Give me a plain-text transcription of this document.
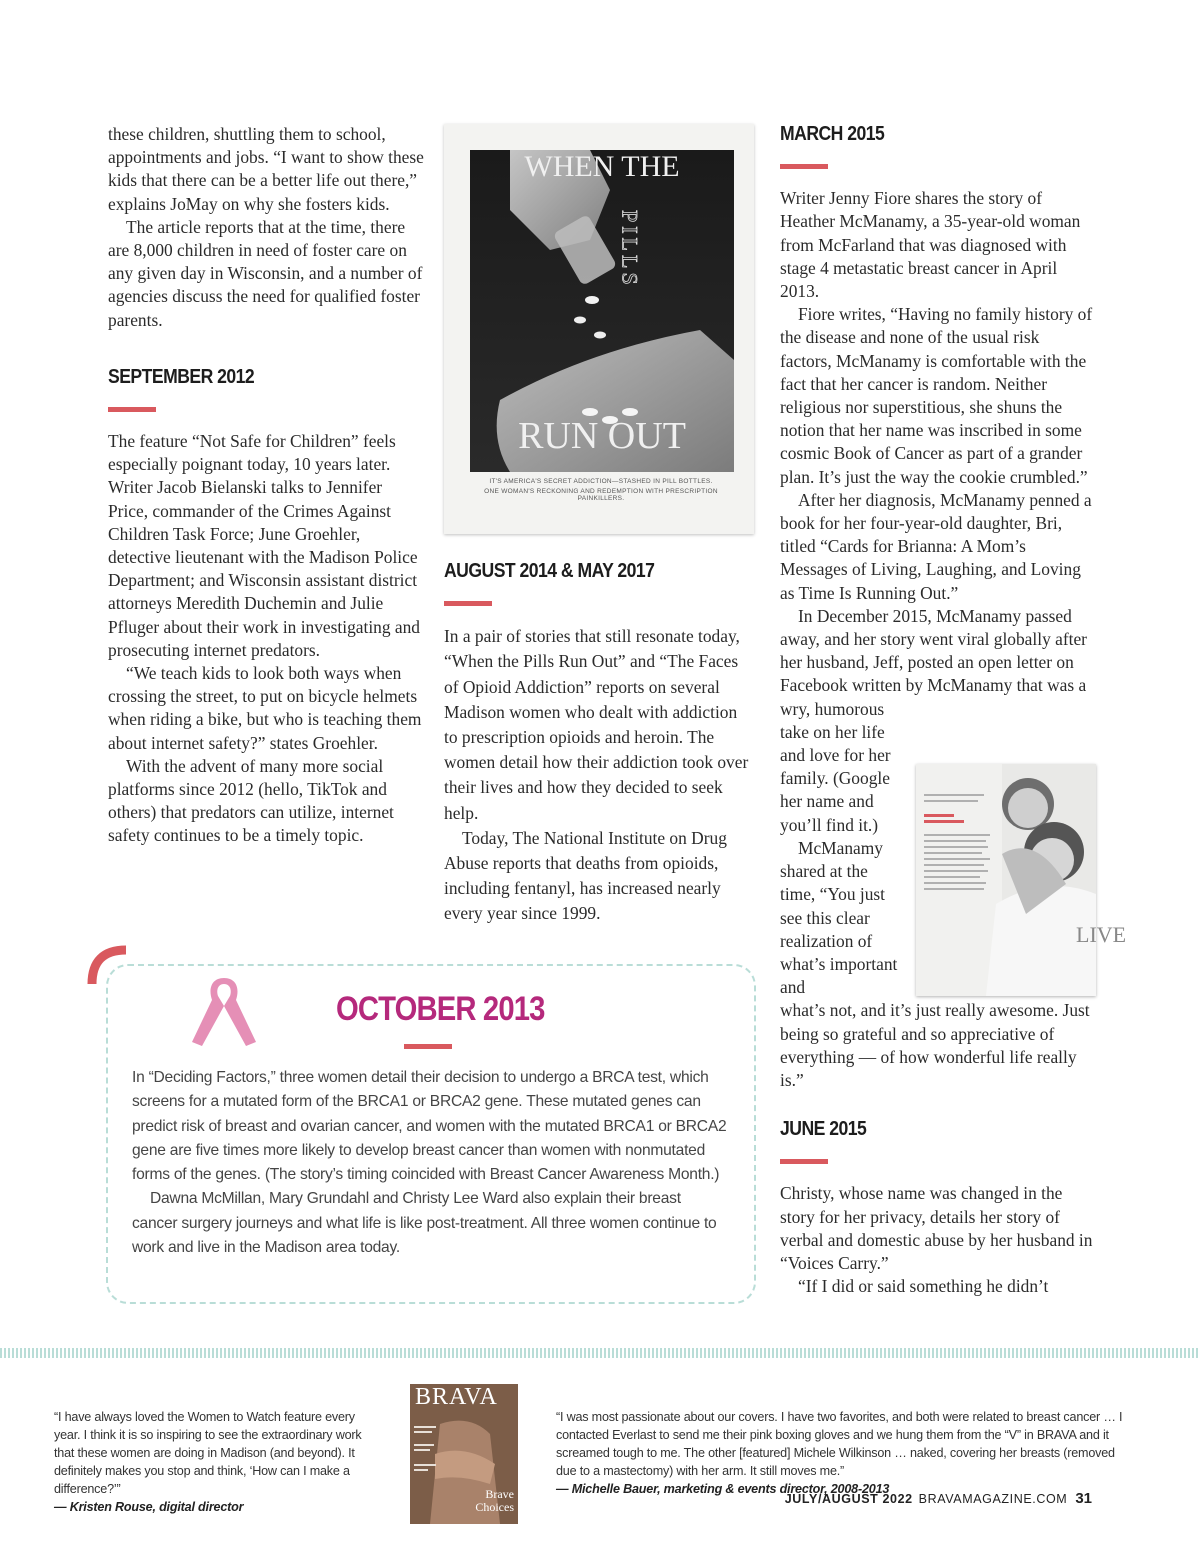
these children, shuttling them to school, appointments and jobs. “I want to show these kids that there can be a better life out there,” explains JoMay on why she fosters kids.

The article reports that at the time, there are 8,000 children in need of foster care on any given day in Wisconsin, and a number of agencies discuss the need for qualified foster parents.

SEPTEMBER 2012

The feature “Not Safe for Children” feels especially poignant today, 10 years later. Writer Jacob Bielanski talks to Jennifer Price, commander of the Crimes Against Children Task Force; June Groehler, detective lieutenant with the Madison Police Department; and Wisconsin assistant district attorneys Meredith Duchemin and Julie Pfluger about their work in investigating and prosecuting internet predators.

“We teach kids to look both ways when crossing the street, to put on bicycle helmets when riding a bike, but who is teaching them about internet safety?” states Groehler.

With the advent of many more social platforms since 2012 (hello, TikTok and others) that predators can utilize, internet safety continues to be a timely topic.

WHEN THE
RUN OUT
PILLS
IT'S AMERICA'S SECRET ADDICTION—STASHED IN PILL BOTTLES.
ONE WOMAN'S RECKONING AND REDEMPTION WITH PRESCRIPTION PAINKILLERS.
AUGUST 2014 & MAY 2017

In a pair of stories that still resonate today, “When the Pills Run Out” and “The Faces of Opioid Addiction” reports on several Madison women who dealt with addiction to prescription opioids and heroin. The women detail how their addiction took over their lives and how they decided to seek help.

Today, The National Institute on Drug Abuse reports that deaths from opioids, including fentanyl, has increased nearly every year since 1999.

MARCH 2015

Writer Jenny Fiore shares the story of Heather McManamy, a 35-year-old woman from McFarland that was diagnosed with stage 4 metastatic breast cancer in April 2013.

Fiore writes, “Having no family history of the disease and none of the usual risk factors, McManamy is comfortable with the fact that her cancer is random. Neither religious nor superstitious, she shuns the notion that her name was inscribed in some cosmic Book of Cancer as part of a grander plan. It’s just the way the cookie crumbled.”

After her diagnosis, McManamy penned a book for her four-year-old daughter, Bri, titled “Cards for Brianna: A Mom’s Messages of Living, Laughing, and Loving as Time Is Running Out.”

In December 2015, McManamy passed away, and her story went viral globally after her husband, Jeff, posted an open letter on Facebook written by McManamy that was a wry, humorous

take on her life and love for her family. (Google her name and you’ll find it.)

McManamy shared at the time, “You just see this clear realization of what’s important and

what’s not, and it’s just really awesome. Just being so grateful and so appreciative of everything — of how wonderful life really is.”

JUNE 2015

Christy, whose name was changed in the story for her privacy, details her story of verbal and domestic abuse by her husband in “Voices Carry.”

“If I did or said something he didn’t

LIVE
OCTOBER 2013

In “Deciding Factors,” three women detail their decision to undergo a BRCA test, which screens for a mutated form of the BRCA1 or BRCA2 gene. These mutated genes can predict risk of breast and ovarian cancer, and women with the mutated BRCA1 or BRCA2 gene are five times more likely to develop breast cancer than women with nonmutated forms of the genes. (The story’s timing coincided with Breast Cancer Awareness Month.)

Dawna McMillan, Mary Grundahl and Christy Lee Ward also explain their breast cancer surgery journeys and what life is like post-treatment. All three women continue to work and live in the Madison area today.

“I have always loved the Women to Watch feature every year. I think it is so inspiring to see the extraordinary work that these women are doing in Madison (and beyond). It definitely makes you stop and think, ‘How can I make a difference?’”
— Kristen Rouse, digital director
BRAVA
Brave Choices
“I was most passionate about our covers. I have two favorites, and both were related to breast cancer … I contacted Everlast to send me their pink boxing gloves and we hung them from the “V” in BRAVA and it screamed tough to me. The other [featured] Michele Wilkinson … naked, covering her breasts (removed due to a mastectomy) with her arm. It still moves me.”
— Michelle Bauer, marketing & events director, 2008-2013
JULY/AUGUST 2022 BRAVAMAGAZINE.COM 31
